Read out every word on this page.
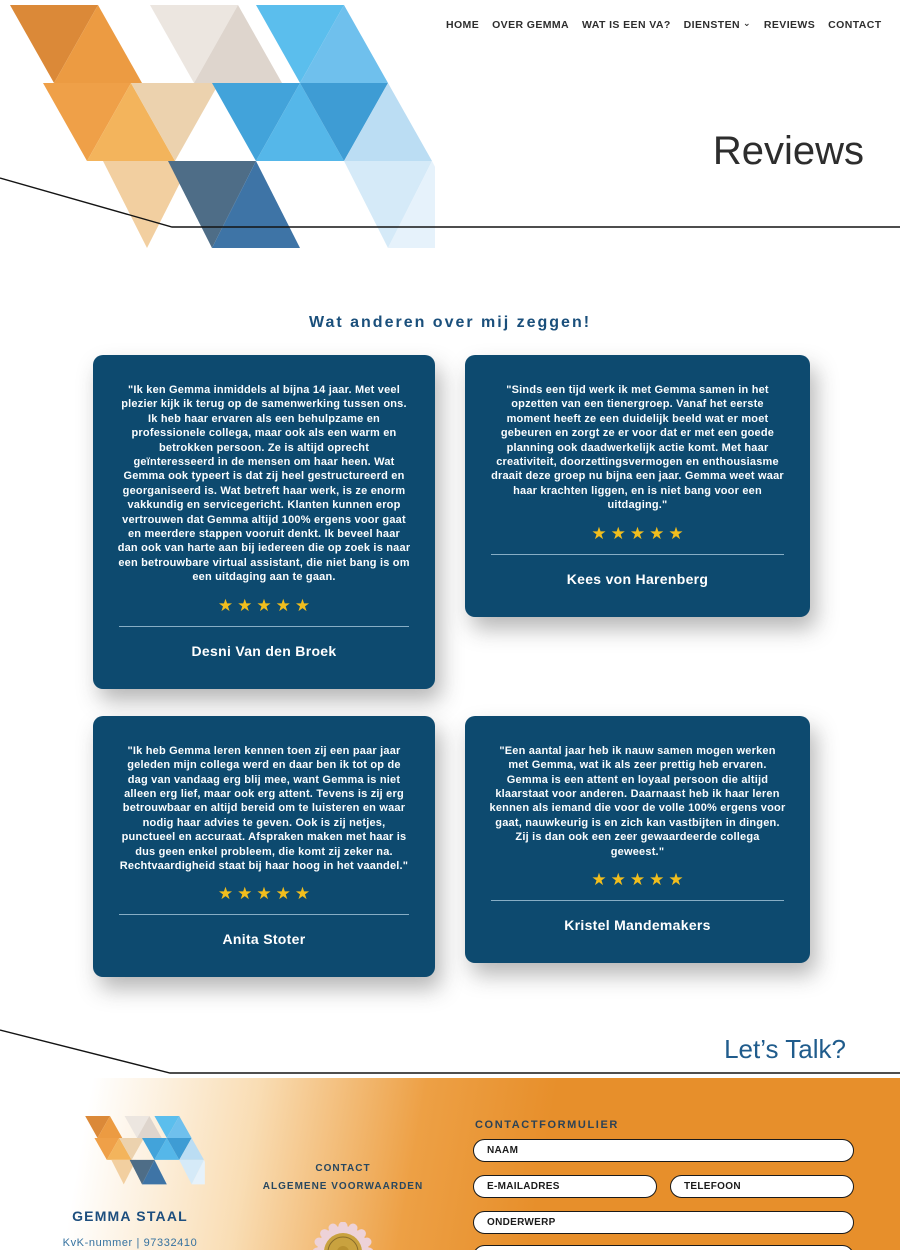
HOME OVER GEMMA WAT IS EEN VA? DIENSTEN ⌄ REVIEWS CONTACT
Reviews
Wat anderen over mij zeggen!
"Ik ken Gemma inmiddels al bijna 14 jaar. Met veel plezier kijk ik terug op de samenwerking tussen ons. Ik heb haar ervaren als een behulpzame en professionele collega, maar ook als een warm en betrokken persoon. Ze is altijd oprecht geïnteresseerd in de mensen om haar heen. Wat Gemma ook typeert is dat zij heel gestructureerd en georganiseerd is. Wat betreft haar werk, is ze enorm vakkundig en servicegericht. Klanten kunnen erop vertrouwen dat Gemma altijd 100% ergens voor gaat en meerdere stappen vooruit denkt. Ik beveel haar dan ook van harte aan bij iedereen die op zoek is naar een betrouwbare virtual assistant, die niet bang is om een uitdaging aan te gaan.
★★★★★
Desni Van den Broek
"Sinds een tijd werk ik met Gemma samen in het opzetten van een tienergroep. Vanaf het eerste moment heeft ze een duidelijk beeld wat er moet gebeuren en zorgt ze er voor dat er met een goede planning ook daadwerkelijk actie komt. Met haar creativiteit, doorzettingsvermogen en enthousiasme draait deze groep nu bijna een jaar. Gemma weet waar haar krachten liggen, en is niet bang voor een uitdaging."
★★★★★
Kees von Harenberg
"Ik heb Gemma leren kennen toen zij een paar jaar geleden mijn collega werd en daar ben ik tot op de dag van vandaag erg blij mee, want Gemma is niet alleen erg lief, maar ook erg attent. Tevens is zij erg betrouwbaar en altijd bereid om te luisteren en waar nodig haar advies te geven. Ook is zij netjes, punctueel en accuraat. Afspraken maken met haar is dus geen enkel probleem, die komt zij zeker na. Rechtvaardigheid staat bij haar hoog in het vaandel."
★★★★★
Anita Stoter
"Een aantal jaar heb ik nauw samen mogen werken met Gemma, wat ik als zeer prettig heb ervaren. Gemma is een attent en loyaal persoon die altijd klaarstaat voor anderen. Daarnaast heb ik haar leren kennen als iemand die voor de volle 100% ergens voor gaat, nauwkeurig is en zich kan vastbijten in dingen. Zij is dan ook een zeer gewaardeerde collega geweest."
★★★★★
Kristel Mandemakers
Let’s Talk?
GEMMA STAAL
KvK-nummer | 97332410
CONTACT
ALGEMENE VOORWAARDEN
CONTACTFORMULIER
NAAM
E-MAILADRES
TELEFOON
ONDERWERP
